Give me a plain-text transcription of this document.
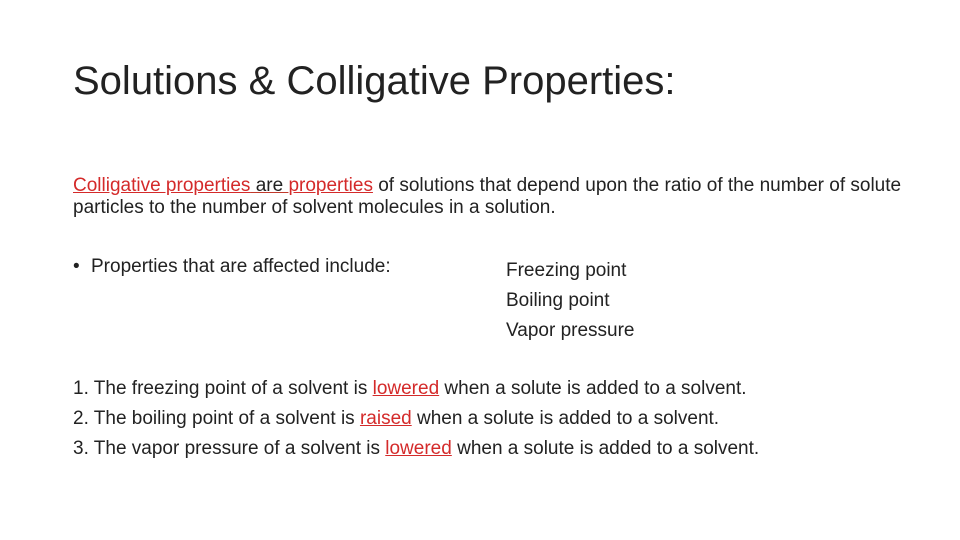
Solutions & Colligative Properties:

Colligative properties are properties of solutions that depend upon the ratio of the number of solute particles to the number of solvent molecules in a solution.

• Properties that are affected include:	Freezing point
Boiling point
Vapor pressure
1. The freezing point of a solvent is lowered when a solute is added to a solvent.
2. The boiling point of a solvent is raised when a solute is added to a solvent.
3. The vapor pressure of a solvent is lowered when a solute is added to a solvent.
